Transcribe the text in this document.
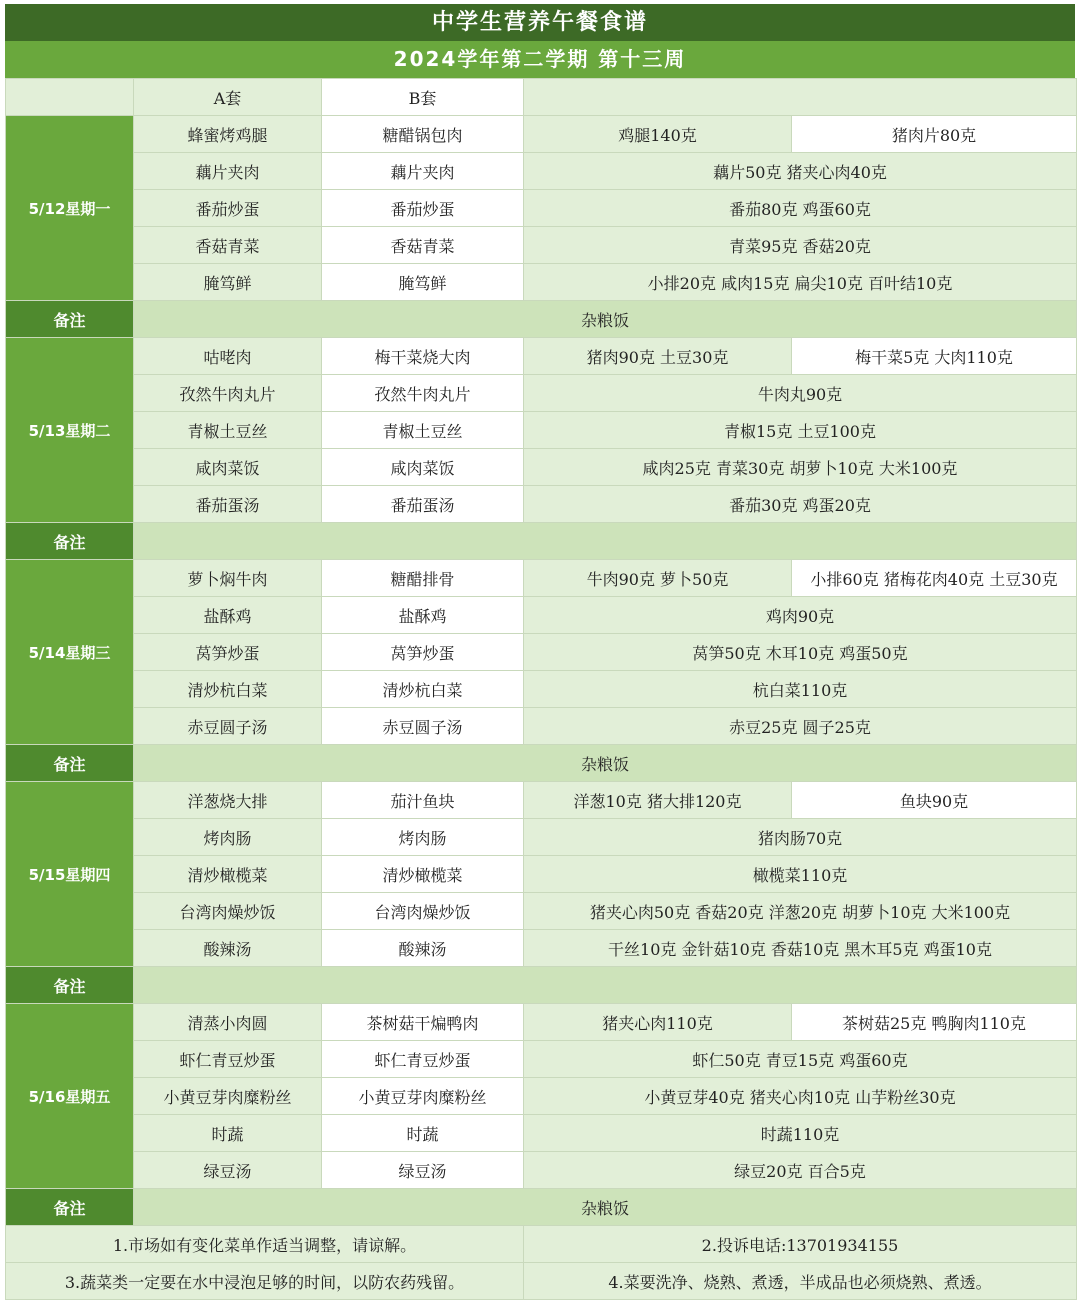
中学生营养午餐食谱
2024学年第二学期 第十三周
	A套	B套		
5/12星期一	蜂蜜烤鸡腿	糖醋锅包肉	鸡腿140克	猪肉片80克
	藕片夹肉	藕片夹肉	藕片50克 猪夹心肉40克	
	番茄炒蛋	番茄炒蛋	番茄80克 鸡蛋60克	
	香菇青菜	香菇青菜	青菜95克 香菇20克	
	腌笃鲜	腌笃鲜	小排20克 咸肉15克 扁尖10克 百叶结10克	
备注	杂粮饭			
5/13星期二	咕咾肉	梅干菜烧大肉	猪肉90克 土豆30克	梅干菜5克 大肉110克
	孜然牛肉丸片	孜然牛肉丸片	牛肉丸90克	
	青椒土豆丝	青椒土豆丝	青椒15克 土豆100克	
	咸肉菜饭	咸肉菜饭	咸肉25克 青菜30克 胡萝卜10克 大米100克	
	番茄蛋汤	番茄蛋汤	番茄30克 鸡蛋20克	
备注				
5/14星期三	萝卜焖牛肉	糖醋排骨	牛肉90克 萝卜50克	小排60克 猪梅花肉40克 土豆30克
	盐酥鸡	盐酥鸡	鸡肉90克	
	莴笋炒蛋	莴笋炒蛋	莴笋50克 木耳10克 鸡蛋50克	
	清炒杭白菜	清炒杭白菜	杭白菜110克	
	赤豆圆子汤	赤豆圆子汤	赤豆25克 圆子25克	
备注	杂粮饭			
5/15星期四	洋葱烧大排	茄汁鱼块	洋葱10克 猪大排120克	鱼块90克
	烤肉肠	烤肉肠	猪肉肠70克	
	清炒橄榄菜	清炒橄榄菜	橄榄菜110克	
	台湾肉燥炒饭	台湾肉燥炒饭	猪夹心肉50克 香菇20克 洋葱20克 胡萝卜10克 大米100克	
	酸辣汤	酸辣汤	干丝10克 金针菇10克 香菇10克 黑木耳5克 鸡蛋10克	
备注				
5/16星期五	清蒸小肉圆	茶树菇干煸鸭肉	猪夹心肉110克	茶树菇25克 鸭胸肉110克
	虾仁青豆炒蛋	虾仁青豆炒蛋	虾仁50克 青豆15克 鸡蛋60克	
	小黄豆芽肉糜粉丝	小黄豆芽肉糜粉丝	小黄豆芽40克 猪夹心肉10克 山芋粉丝30克	
	时蔬	时蔬	时蔬110克	
	绿豆汤	绿豆汤	绿豆20克 百合5克	
备注	杂粮饭			
1.市场如有变化菜单作适当调整，请谅解。			2.投诉电话:13701934155	
3.蔬菜类一定要在水中浸泡足够的时间，以防农药残留。			4.菜要洗净、烧熟、煮透，半成品也必须烧熟、煮透。	
